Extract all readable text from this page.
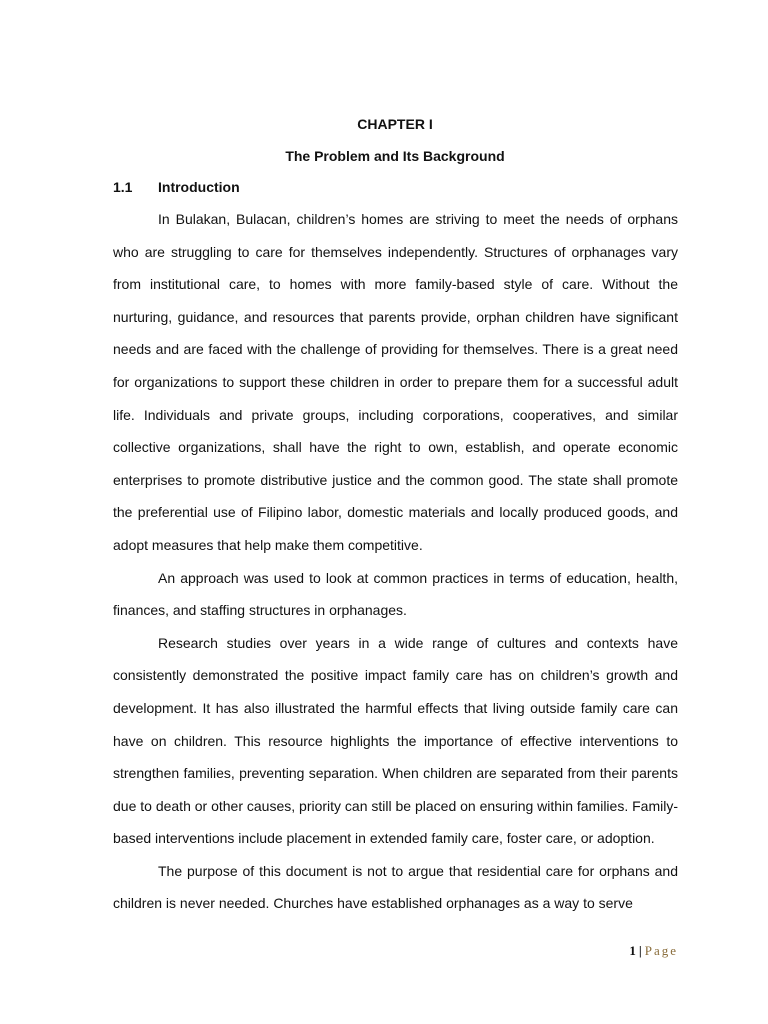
CHAPTER I
The Problem and Its Background
1.1 Introduction

In Bulakan, Bulacan, children’s homes are striving to meet the needs of orphans who are struggling to care for themselves independently. Structures of orphanages vary from institutional care, to homes with more family-based style of care. Without the nurturing, guidance, and resources that parents provide, orphan children have significant needs and are faced with the challenge of providing for themselves. There is a great need for organizations to support these children in order to prepare them for a successful adult life. Individuals and private groups, including corporations, cooperatives, and similar collective organizations, shall have the right to own, establish, and operate economic enterprises to promote distributive justice and the common good. The state shall promote the preferential use of Filipino labor, domestic materials and locally produced goods, and adopt measures that help make them competitive.

An approach was used to look at common practices in terms of education, health, finances, and staffing structures in orphanages.

Research studies over years in a wide range of cultures and contexts have consistently demonstrated the positive impact family care has on children’s growth and development. It has also illustrated the harmful effects that living outside family care can have on children. This resource highlights the importance of effective interventions to strengthen families, preventing separation. When children are separated from their parents due to death or other causes, priority can still be placed on ensuring within families. Family-based interventions include placement in extended family care, foster care, or adoption.

The purpose of this document is not to argue that residential care for orphans and children is never needed. Churches have established orphanages as a way to serve

1 | Page
